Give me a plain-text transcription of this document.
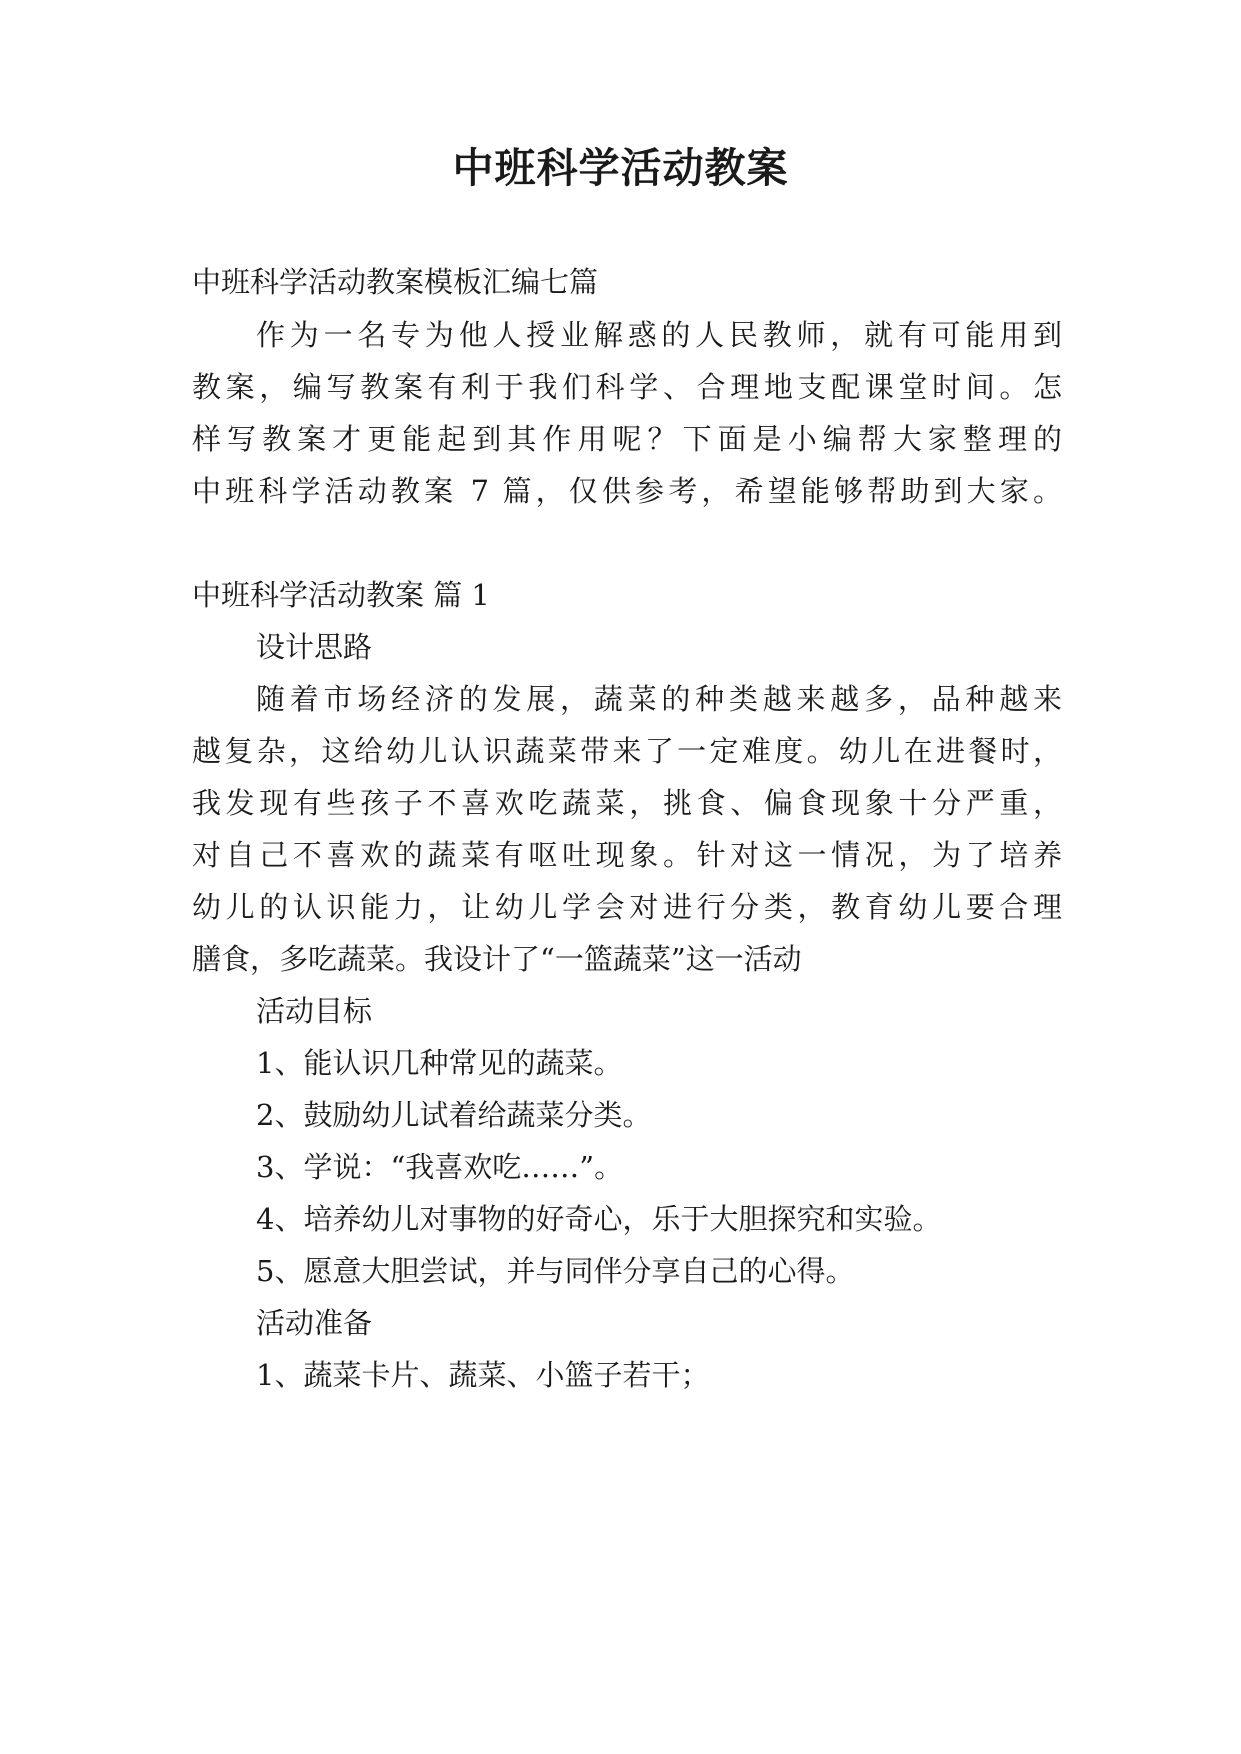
中班科学活动教案
中班科学活动教案模板汇编七篇
作为一名专为他人授业解惑的人民教师，就有可能用到
教案，编写教案有利于我们科学、合理地支配课堂时间。怎
样写教案才更能起到其作用呢？下面是小编帮大家整理的
中班科学活动教案 7 篇，仅供参考，希望能够帮助到大家。
中班科学活动教案 篇 1
设计思路
随着市场经济的发展，蔬菜的种类越来越多，品种越来
越复杂，这给幼儿认识蔬菜带来了一定难度。幼儿在进餐时，
我发现有些孩子不喜欢吃蔬菜，挑食、偏食现象十分严重，
对自己不喜欢的蔬菜有呕吐现象。针对这一情况，为了培养
幼儿的认识能力，让幼儿学会对进行分类，教育幼儿要合理
膳食，多吃蔬菜。我设计了“一篮蔬菜”这一活动
活动目标
1、能认识几种常见的蔬菜。
2、鼓励幼儿试着给蔬菜分类。
3、学说：“我喜欢吃……”。
4、培养幼儿对事物的好奇心，乐于大胆探究和实验。
5、愿意大胆尝试，并与同伴分享自己的心得。
活动准备
1、蔬菜卡片、蔬菜、小篮子若干；
